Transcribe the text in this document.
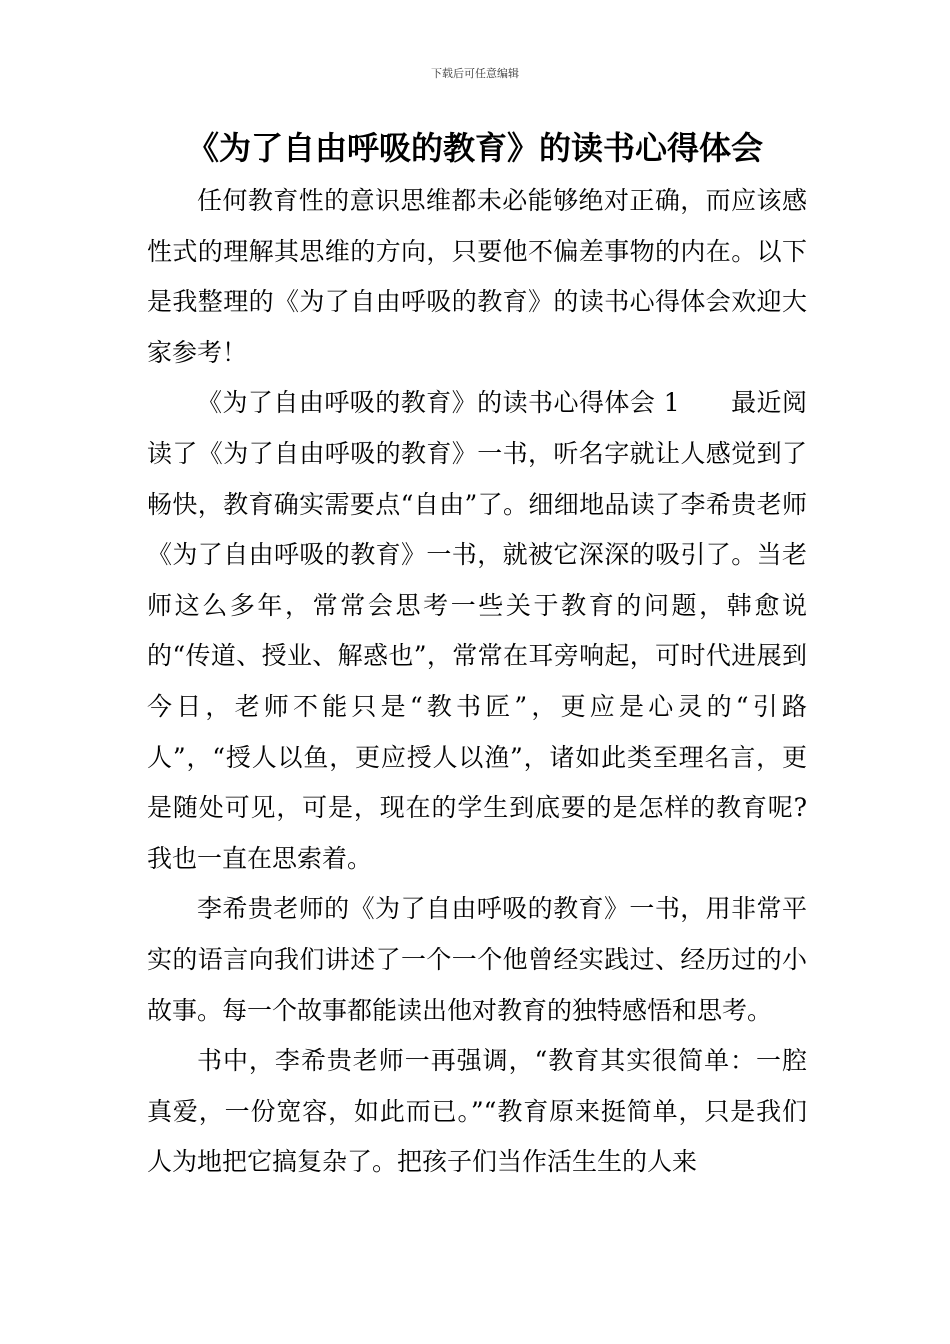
下载后可任意编辑
《为了自由呼吸的教育》的读书心得体会

任何教育性的意识思维都未必能够绝对正确，而应该感性式的理解其思维的方向，只要他不偏差事物的内在。以下是我整理的《为了自由呼吸的教育》的读书心得体会欢迎大家参考！

《为了自由呼吸的教育》的读书心得体会 1　　最近阅读了《为了自由呼吸的教育》一书，听名字就让人感觉到了畅快，教育确实需要点“自由”了。细细地品读了李希贵老师《为了自由呼吸的教育》一书，就被它深深的吸引了。当老师这么多年，常常会思考一些关于教育的问题，韩愈说的“传道、授业、解惑也”，常常在耳旁响起，可时代进展到今日，老师不能只是“教书匠”，更应是心灵的“引路人”，“授人以鱼，更应授人以渔”，诸如此类至理名言，更是随处可见，可是，现在的学生到底要的是怎样的教育呢?我也一直在思索着。

李希贵老师的《为了自由呼吸的教育》一书，用非常平实的语言向我们讲述了一个一个他曾经实践过、经历过的小故事。每一个故事都能读出他对教育的独特感悟和思考。

书中，李希贵老师一再强调，“教育其实很简单：一腔真爱，一份宽容，如此而已。”“教育原来挺简单，只是我们人为地把它搞复杂了。把孩子们当作活生生的人来
